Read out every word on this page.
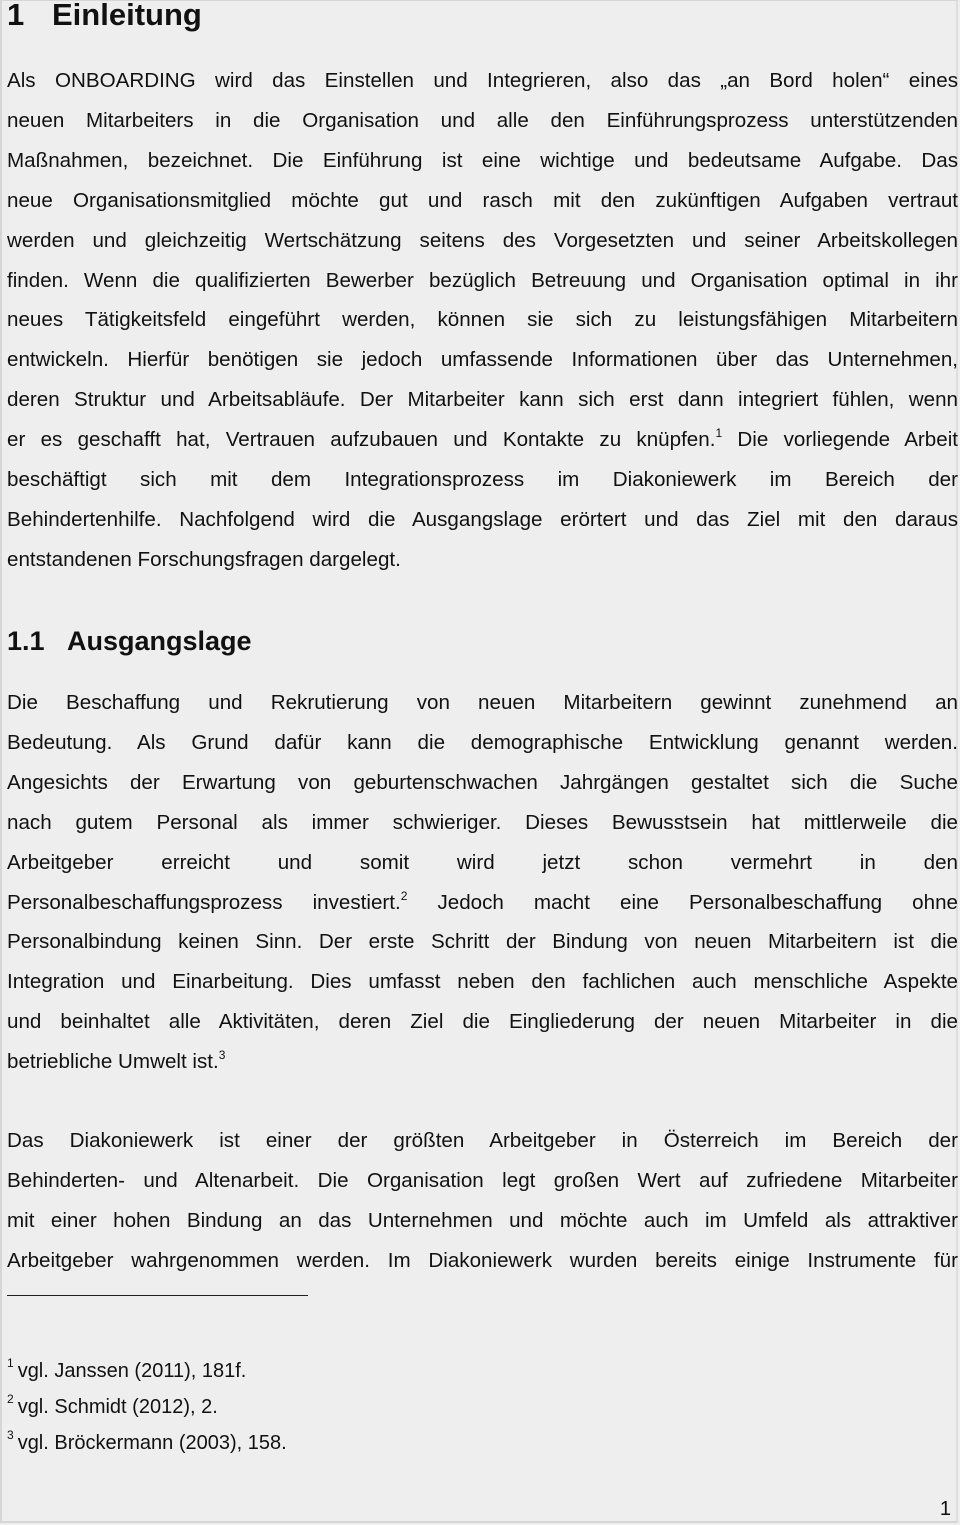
1 Einleitung
Als ONBOARDING wird das Einstellen und Integrieren, also das „an Bord holen“ eines
neuen Mitarbeiters in die Organisation und alle den Einführungsprozess unterstützenden
Maßnahmen, bezeichnet. Die Einführung ist eine wichtige und bedeutsame Aufgabe. Das
neue Organisationsmitglied möchte gut und rasch mit den zukünftigen Aufgaben vertraut
werden und gleichzeitig Wertschätzung seitens des Vorgesetzten und seiner Arbeitskollegen
finden. Wenn die qualifizierten Bewerber bezüglich Betreuung und Organisation optimal in ihr
neues Tätigkeitsfeld eingeführt werden, können sie sich zu leistungsfähigen Mitarbeitern
entwickeln. Hierfür benötigen sie jedoch umfassende Informationen über das Unternehmen,
deren Struktur und Arbeitsabläufe. Der Mitarbeiter kann sich erst dann integriert fühlen, wenn
er es geschafft hat, Vertrauen aufzubauen und Kontakte zu knüpfen.$^1$ Die vorliegende Arbeit
beschäftigt sich mit dem Integrationsprozess im Diakoniewerk im Bereich der
Behindertenhilfe. Nachfolgend wird die Ausgangslage erörtert und das Ziel mit den daraus
entstandenen Forschungsfragen dargelegt.
1.1 Ausgangslage
Die Beschaffung und Rekrutierung von neuen Mitarbeitern gewinnt zunehmend an
Bedeutung. Als Grund dafür kann die demographische Entwicklung genannt werden.
Angesichts der Erwartung von geburtenschwachen Jahrgängen gestaltet sich die Suche
nach gutem Personal als immer schwieriger. Dieses Bewusstsein hat mittlerweile die
Arbeitgeber erreicht und somit wird jetzt schon vermehrt in den
Personalbeschaffungsprozess investiert.$^2$ Jedoch macht eine Personalbeschaffung ohne
Personalbindung keinen Sinn. Der erste Schritt der Bindung von neuen Mitarbeitern ist die
Integration und Einarbeitung. Dies umfasst neben den fachlichen auch menschliche Aspekte
und beinhaltet alle Aktivitäten, deren Ziel die Eingliederung der neuen Mitarbeiter in die
betriebliche Umwelt ist.$^3$
Das Diakoniewerk ist einer der größten Arbeitgeber in Österreich im Bereich der
Behinderten- und Altenarbeit. Die Organisation legt großen Wert auf zufriedene Mitarbeiter
mit einer hohen Bindung an das Unternehmen und möchte auch im Umfeld als attraktiver
Arbeitgeber wahrgenommen werden. Im Diakoniewerk wurden bereits einige Instrumente für
$^1$ vgl. Janssen (2011), 181f.
$^2$ vgl. Schmidt (2012), 2.
$^3$ vgl. Bröckermann (2003), 158.
1
